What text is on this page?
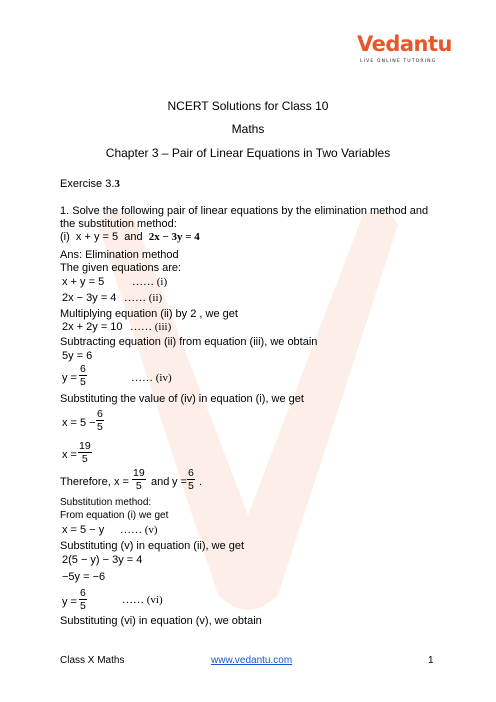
Vedantu
LIVE ONLINE TUTORING
NCERT Solutions for Class 10
Maths
Chapter 3 – Pair of Linear Equations in Two Variables
Exercise 3.3
1. Solve the following pair of linear equations by the elimination method and
the substitution method:
(i) x + y = 5 and 2x − 3y = 4
Ans: Elimination method
The given equations are:
x + y = 5	…… (i)
2x − 3y = 4 …… (ii)
Multiplying equation (ii) by 2 , we get
2x + 2y = 10 …… (iii)
Subtracting equation (ii) from equation (iii), we obtain
5y = 6
$y = \frac{6}{5}$	…… (iv)
Substituting the value of (iv) in equation (i), we get
$x = 5 - \frac{6}{5}$
$x = \frac{19}{5}$
Therefore, $x = \frac{19}{5}$ and $y = \frac{6}{5}$ .
Substitution method:
From equation (i) we get
x = 5 − y …… (v)
Substituting (v) in equation (ii), we get
2(5 − y) − 3y = 4
−5y = −6
$y = \frac{6}{5}$	…… (vi)
Substituting (vi) in equation (v), we obtain
Class X Maths	www.vedantu.com	1
